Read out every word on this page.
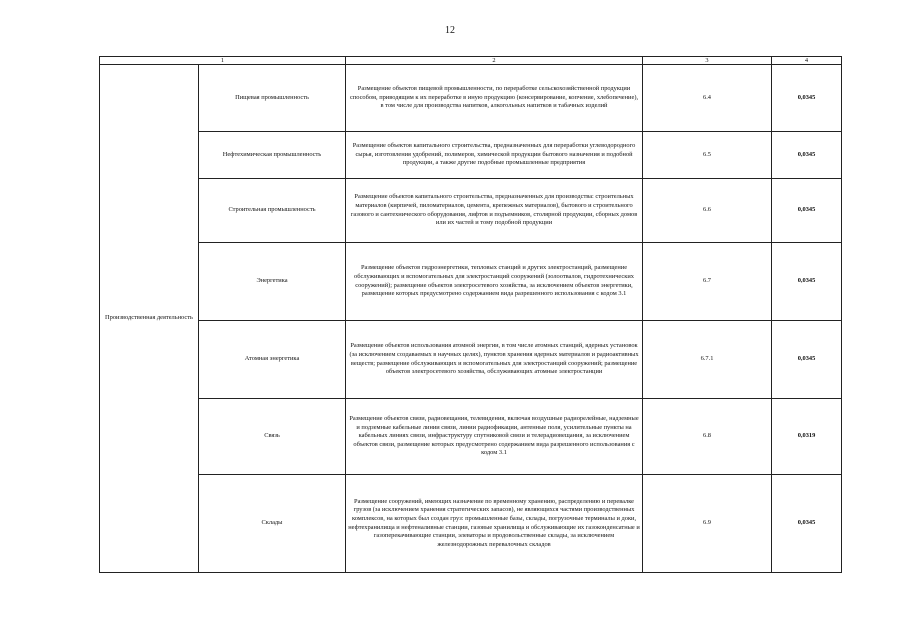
12
1		2	3	4
Производственная деятельность	Пищевая промышленность	Размещение объектов пищевой промышленности, по переработке сельскохозяйственной продукции способом, приводящим к их переработке в иную продукцию (консервирование, копчение, хлебопечение), в том числе для производства напитков, алкогольных напитков и табачных изделий	6.4	0,0345
	Нефтехимическая промышленность	Размещение объектов капитального строительства, предназначенных для переработки углеводородного сырья, изготовления удобрений, полимеров, химической продукции бытового назначения и подобной продукции, а также другие подобные промышленные предприятия	6.5	0,0345
	Строительная промышленность	Размещение объектов капитального строительства, предназначенных для производства: строительных материалов (кирпичей, пиломатериалов, цемента, крепежных материалов), бытового и строительного газового и сантехнического оборудования, лифтов и подъемников, столярной продукции, сборных домов или их частей и тому подобной продукции	6.6	0,0345
	Энергетика	Размещение объектов гидроэнергетики, тепловых станций и других электростанций, размещение обслуживающих и вспомогательных для электростанций сооружений (золоотвалов, гидротехнических сооружений); размещение объектов электросетевого хозяйства, за исключением объектов энергетики, размещение которых предусмотрено содержанием вида разрешенного использования с кодом 3.1	6.7	0,0345
	Атомная энергетика	Размещение объектов использования атомной энергии, в том числе атомных станций, ядерных установок (за исключением создаваемых в научных целях), пунктов хранения ядерных материалов и радиоактивных веществ; размещение обслуживающих и вспомогательных для электростанций сооружений; размещение объектов электросетевого хозяйства, обслуживающих атомные электростанции	6.7.1	0,0345
	Связь	Размещение объектов связи, радиовещания, телевидения, включая воздушные радиорелейные, надземные и подземные кабельные линии связи, линии радиофикации, антенные поля, усилительные пункты на кабельных линиях связи, инфраструктуру спутниковой связи и телерадиовещания, за исключением объектов связи, размещение которых предусмотрено содержанием вида разрешенного использования с кодом 3.1	6.8	0,0319
	Склады	Размещение сооружений, имеющих назначение по временному хранению, распределению и перевалке грузов (за исключением хранения стратегических запасов), не являющихся частями производственных комплексов, на которых был создан груз: промышленные базы, склады, погрузочные терминалы и доки, нефтехранилища и нефтеналивные станции, газовые хранилища и обслуживающие их газоконденсатные и газоперекачивающие станции, элеваторы и продовольственные склады, за исключением железнодорожных перевалочных складов	6.9	0,0345
